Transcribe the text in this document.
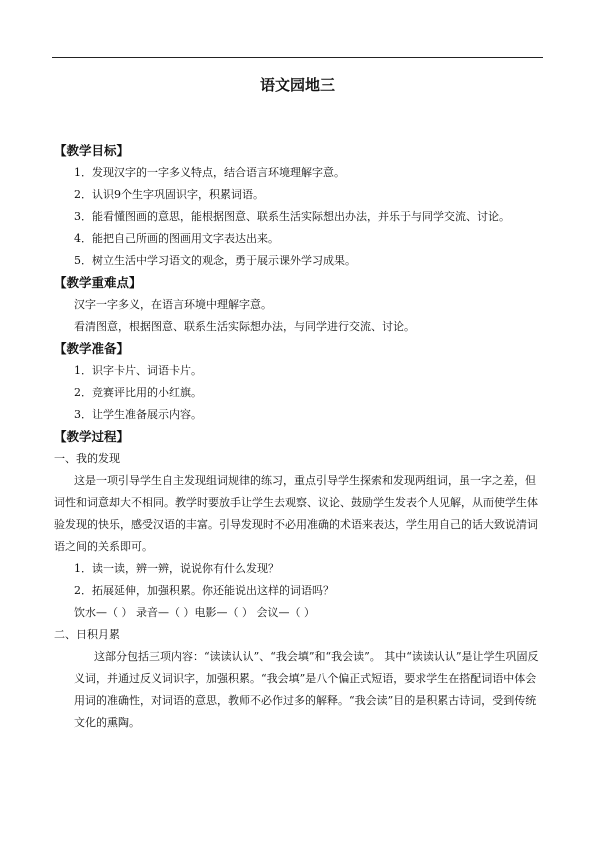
语文园地三
【教学目标】
1．发现汉字的一字多义特点，结合语言环境理解字意。
2．认识9个生字巩固识字，积累词语。
3．能看懂图画的意思，能根据图意、联系生活实际想出办法，并乐于与同学交流、讨论。
4．能把自己所画的图画用文字表达出来。
5．树立生活中学习语文的观念，勇于展示课外学习成果。
【教学重难点】
汉字一字多义，在语言环境中理解字意。
看清图意，根据图意、联系生活实际想办法，与同学进行交流、讨论。
【教学准备】
1．识字卡片、词语卡片。
2．竞赛评比用的小红旗。
3．让学生准备展示内容。
【教学过程】
一、我的发现
这是一项引导学生自主发现组词规律的练习，重点引导学生探索和发现两组词，虽一字之差，但词性和词意却大不相同。教学时要放手让学生去观察、议论、鼓励学生发表个人见解，从而使学生体验发现的快乐，感受汉语的丰富。引导发现时不必用准确的术语来表达，学生用自己的话大致说清词语之间的关系即可。
1．读一读，辨一辨，说说你有什么发现？
2．拓展延伸，加强积累。你还能说出这样的词语吗？
饮水—（ ） 录音—（ ）电影—（ ） 会议—（ ）
二、日积月累
这部分包括三项内容：“读读认认”、“我会填”和“我会读”。 其中“读读认认”是让学生巩固反义词，并通过反义词识字，加强积累。“我会填”是八个偏正式短语，要求学生在搭配词语中体会用词的准确性，对词语的意思，教师不必作过多的解释。“我会读”目的是积累古诗词，受到传统文化的熏陶。
